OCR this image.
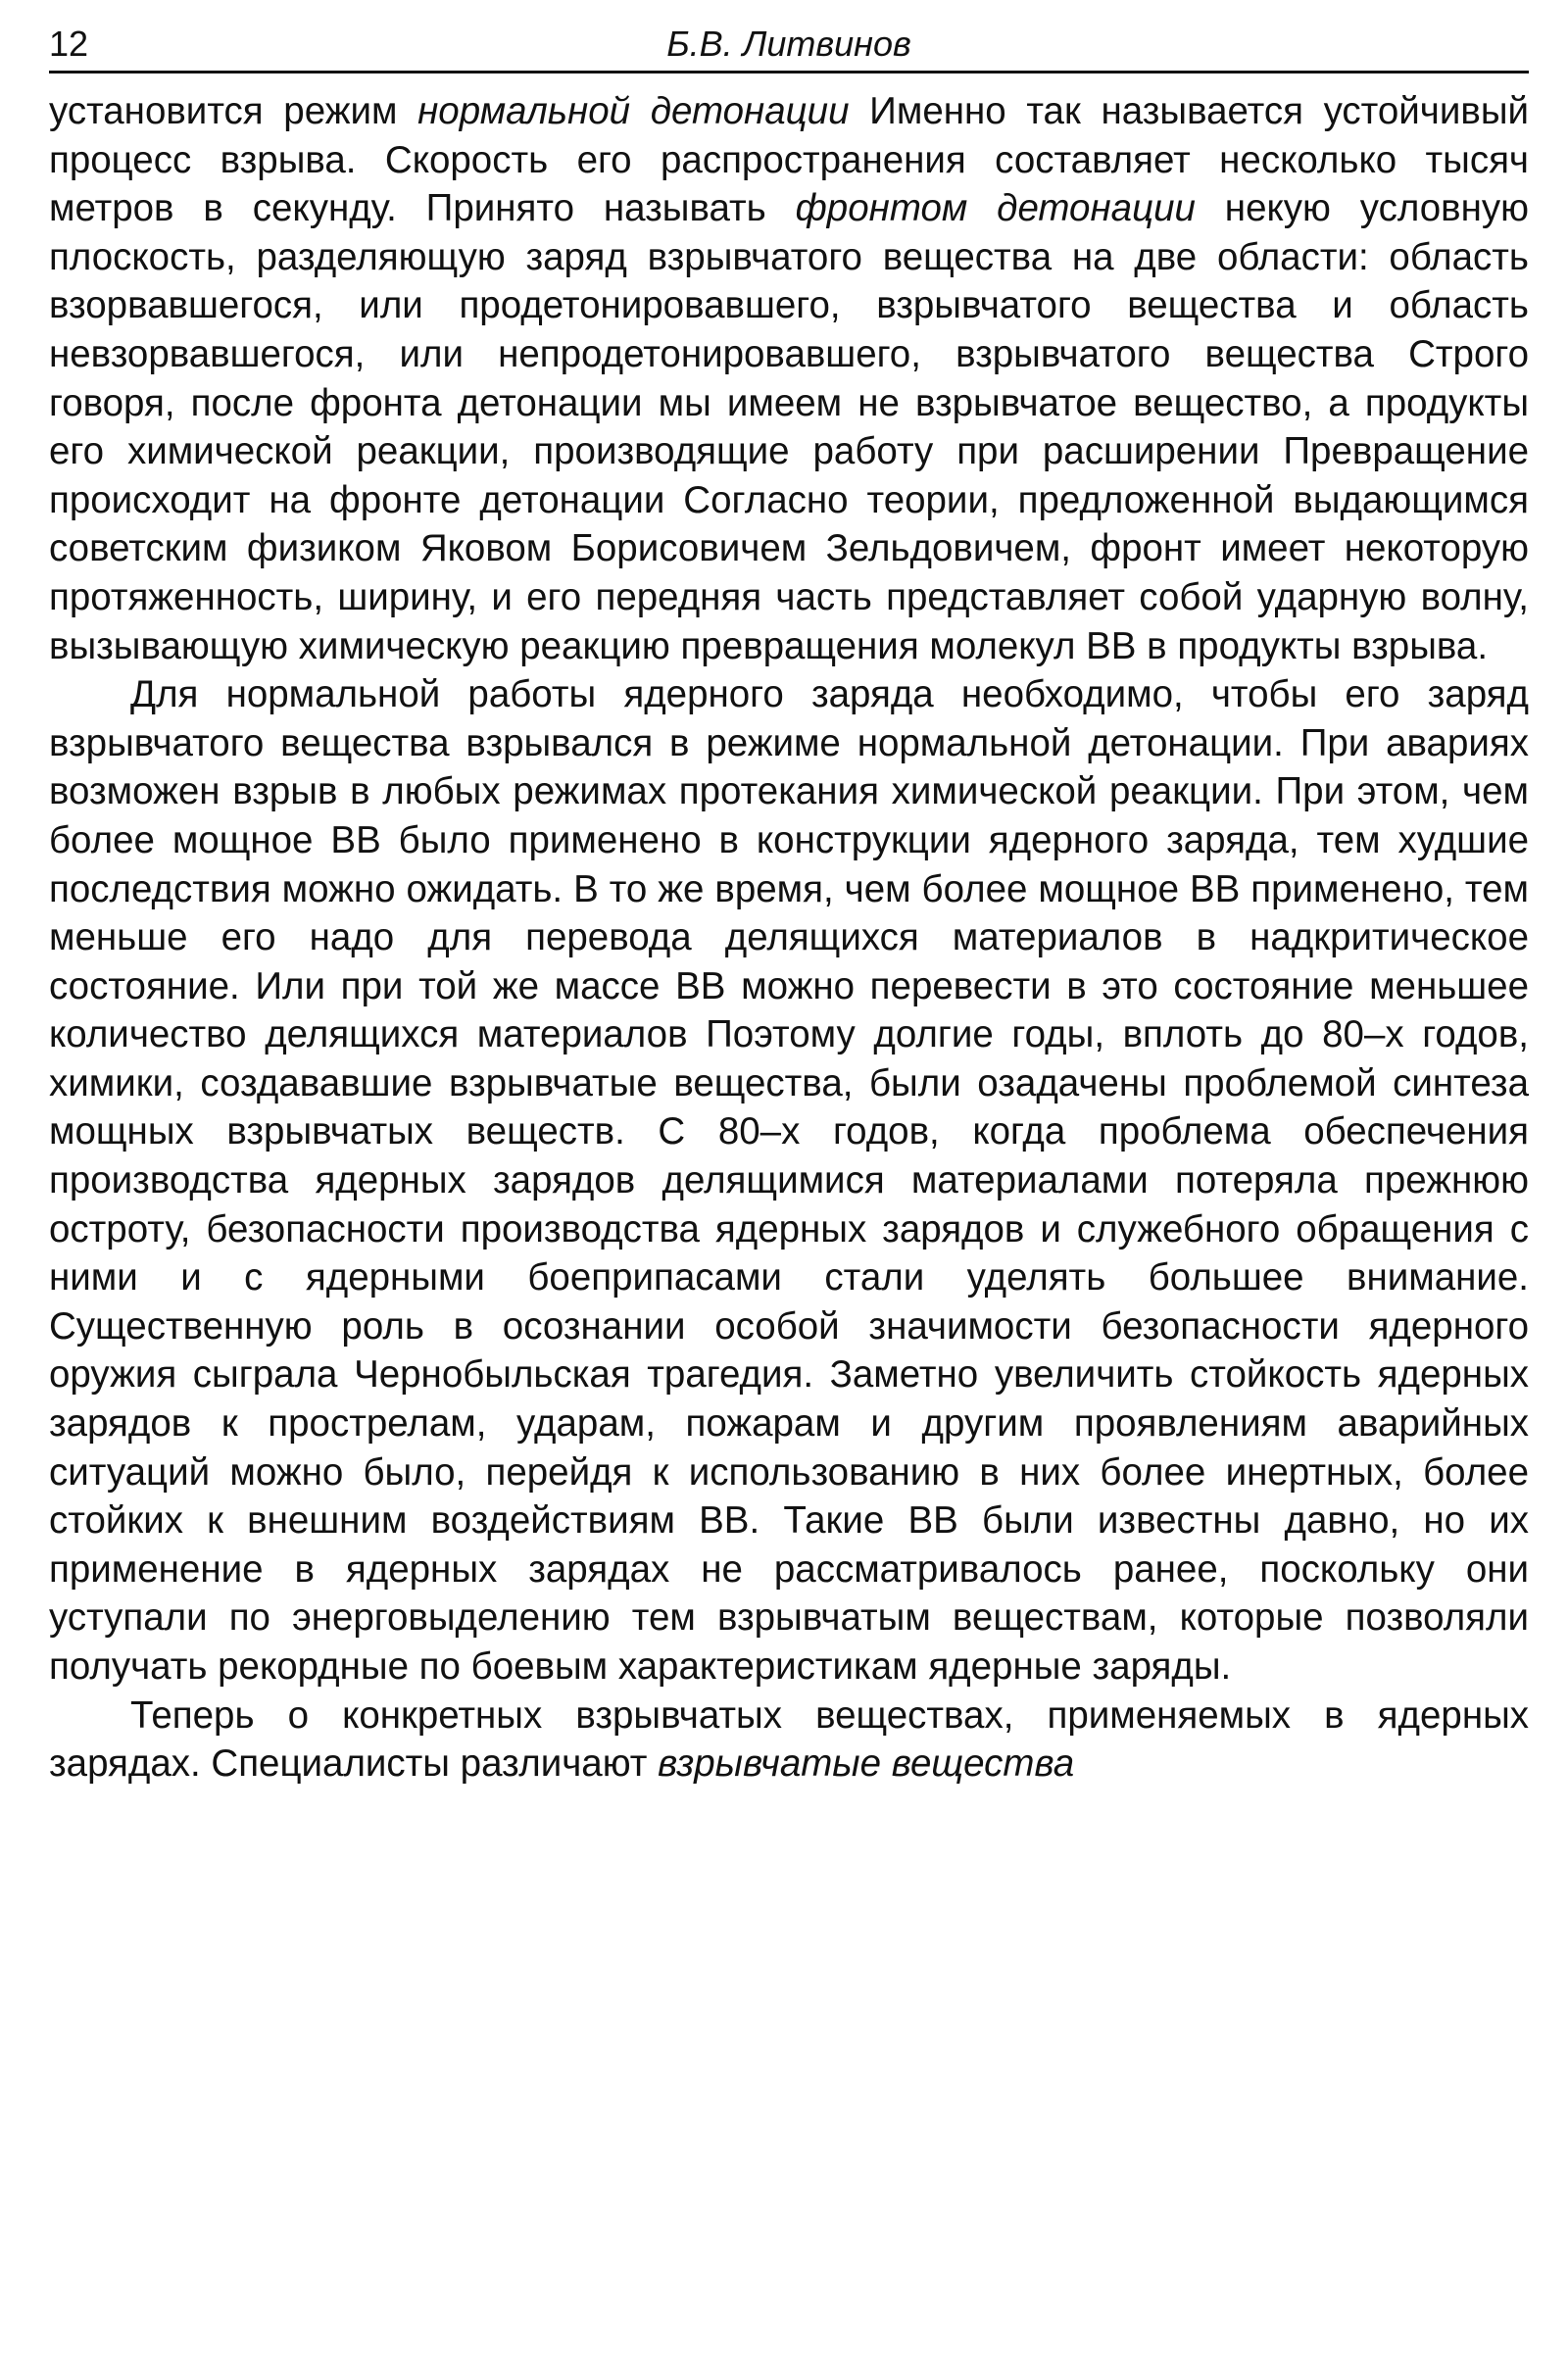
12	Б.В. Литвинов

установится режим нормальной детонации Именно так называется устойчивый процесс взрыва. Скорость его распространения составляет несколько тысяч метров в секунду. Принято называть фронтом детонации некую условную плоскость, разделяющую заряд взрывчатого вещества на две области: область взорвавшегося, или продетонировавшего, взрывчатого вещества и область невзорвавшегося, или непродетонировавшего, взрывчатого вещества Строго говоря, после фронта детонации мы имеем не взрывчатое вещество, а продукты его химической реакции, производящие работу при расширении Превращение происходит на фронте детонации Согласно теории, предложенной выдающимся советским физиком Яковом Борисовичем Зельдовичем, фронт имеет некоторую протяженность, ширину, и его передняя часть представляет собой ударную волну, вызывающую химическую реакцию превращения молекул ВВ в продукты взрыва.

Для нормальной работы ядерного заряда необходимо, чтобы его заряд взрывчатого вещества взрывался в режиме нормальной детонации. При авариях возможен взрыв в любых режимах протекания химической реакции. При этом, чем более мощное ВВ было применено в конструкции ядерного заряда, тем худшие последствия можно ожидать. В то же время, чем более мощное ВВ применено, тем меньше его надо для перевода делящихся материалов в надкритическое состояние. Или при той же массе ВВ можно перевести в это состояние меньшее количество делящихся материалов Поэтому долгие годы, вплоть до 80–х годов, химики, создававшие взрывчатые вещества, были озадачены проблемой синтеза мощных взрывчатых веществ. С 80–х годов, когда проблема обеспечения производства ядерных зарядов делящимися материалами потеряла прежнюю остроту, безопасности производства ядерных зарядов и служебного обращения с ними и с ядерными боеприпасами стали уделять большее внимание. Существенную роль в осознании особой значимости безопасности ядерного оружия сыграла Чернобыльская трагедия. Заметно увеличить стойкость ядерных зарядов к прострелам, ударам, пожарам и другим проявлениям аварийных ситуаций можно было, перейдя к использованию в них более инертных, более стойких к внешним воздействиям ВВ. Такие ВВ были известны давно, но их применение в ядерных зарядах не рассматривалось ранее, поскольку они уступали по энерговыделению тем взрывчатым веществам, которые позволяли получать рекордные по боевым характеристикам ядерные заряды.

Теперь о конкретных взрывчатых веществах, применяемых в ядерных зарядах. Специалисты различают взрывчатые вещества
